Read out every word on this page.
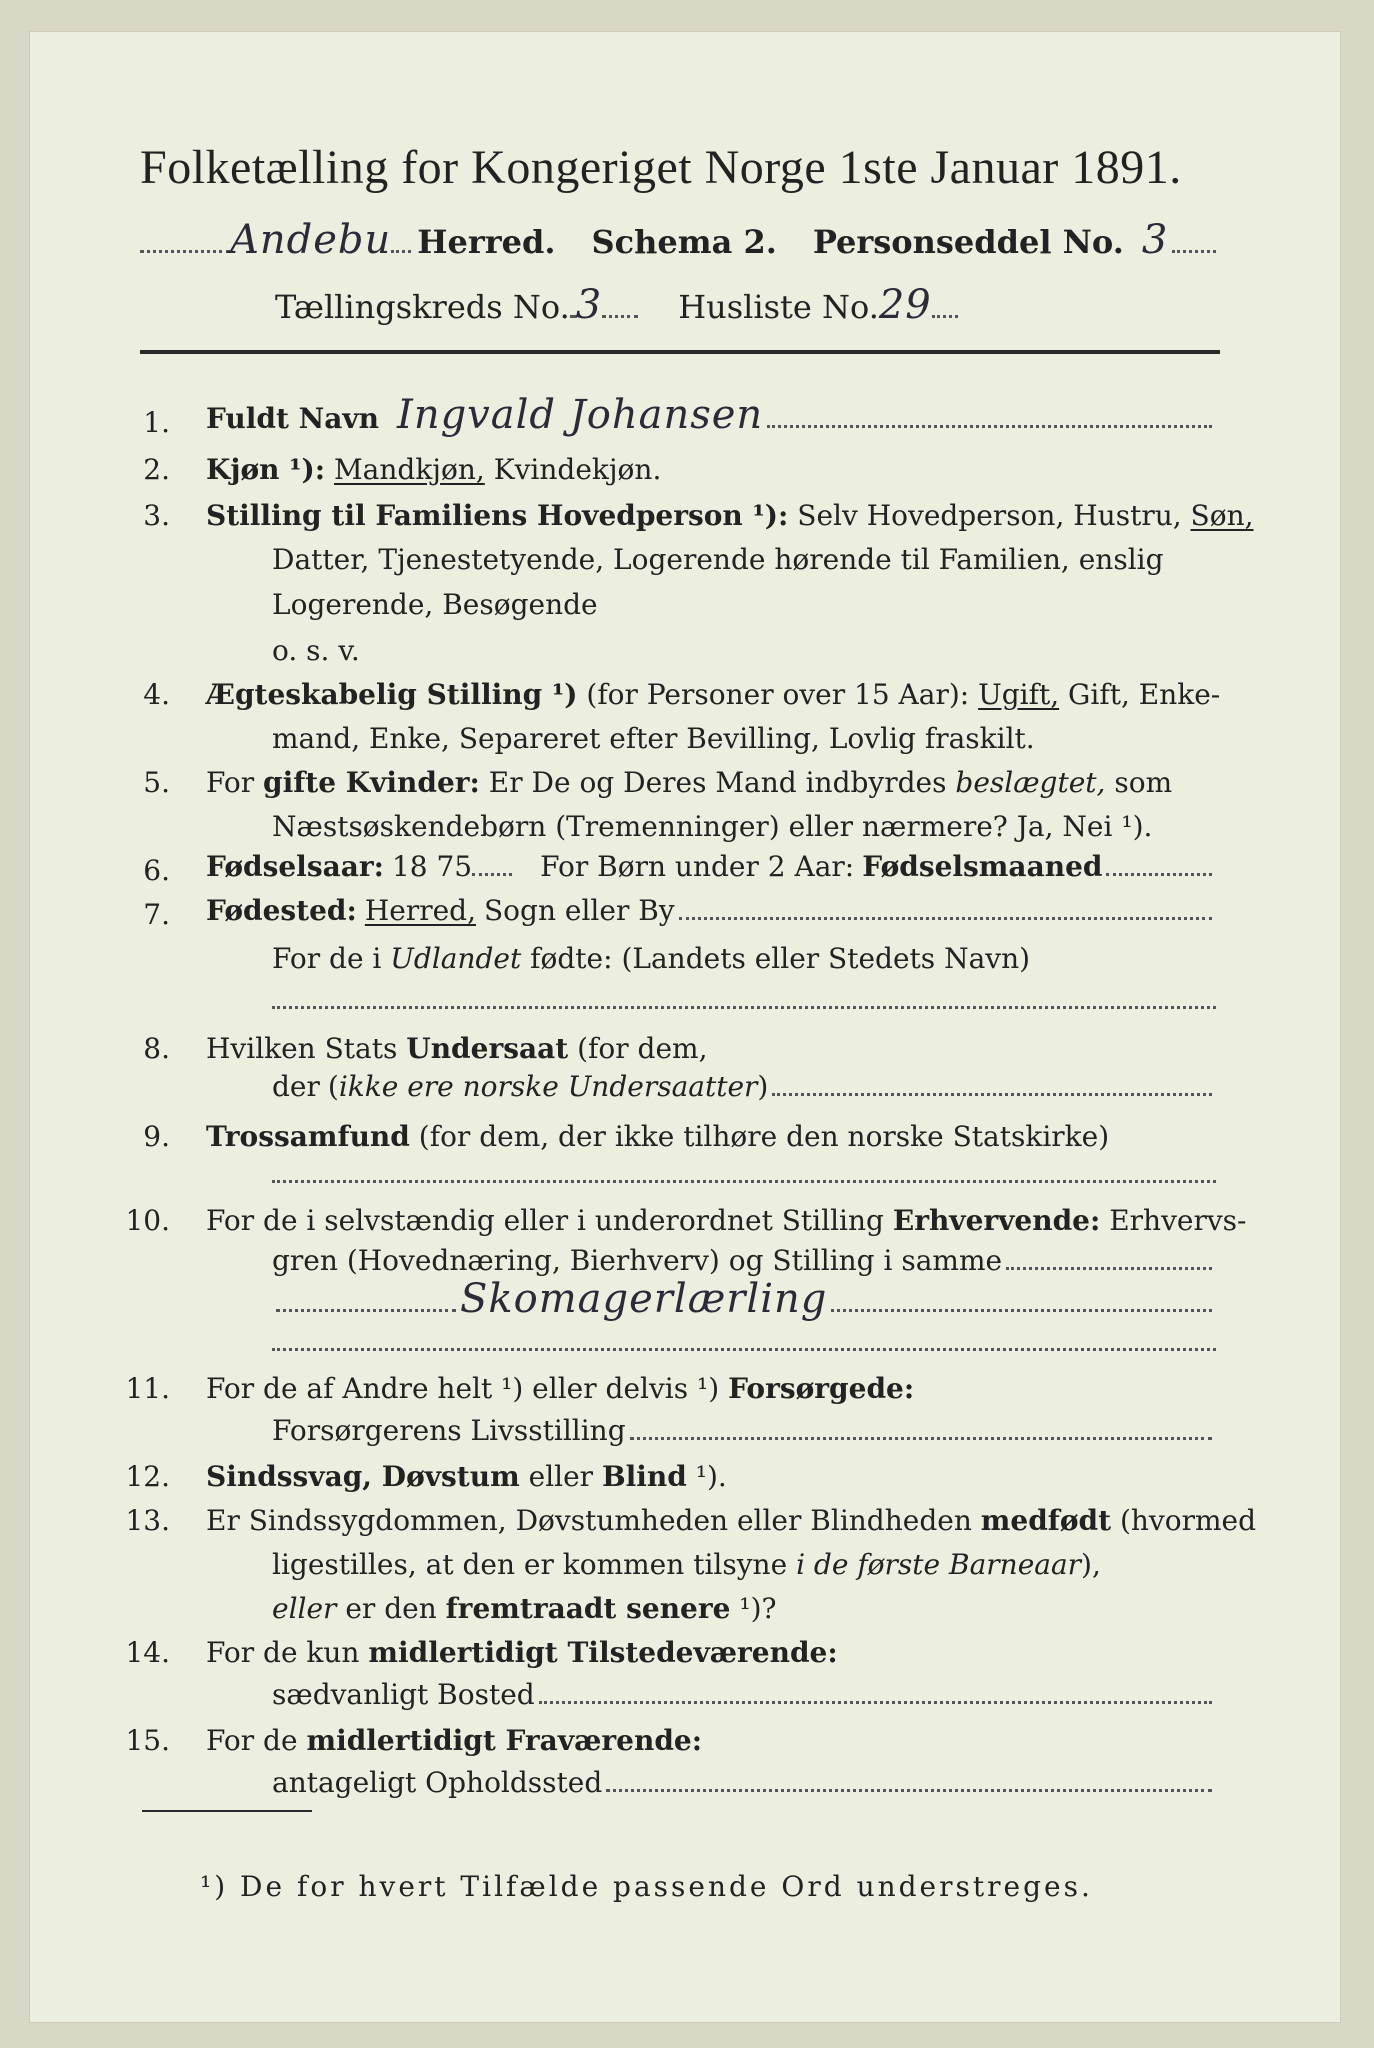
Folketælling for Kongeriget Norge 1ste Januar 1891.
Andebu Herred. Schema 2. Personseddel No. 3
Tællingskreds No. 3 Husliste No. 29
1. Fuldt Navn Ingvald Johansen
2. Kjøn ¹): Mandkjøn, Kvindekjøn.
3. Stilling til Familiens Hovedperson ¹): Selv Hovedperson, Hustru, Søn,
Datter, Tjenestetyende, Logerende hørende til Familien, enslig
Logerende, Besøgende
o. s. v.
4. Ægteskabelig Stilling ¹) (for Personer over 15 Aar): Ugift, Gift, Enke-
mand, Enke, Separeret efter Bevilling, Lovlig fraskilt.
5. For gifte Kvinder: Er De og Deres Mand indbyrdes beslægtet, som
Næstsøskendebørn (Tremenninger) eller nærmere? Ja, Nei ¹).
6. Fødselsaar: 18 75 For Børn under 2 Aar: Fødselsmaaned
7. Fødested: Herred, Sogn eller By
For de i Udlandet fødte: (Landets eller Stedets Navn)
8. Hvilken Stats Undersaat (for dem,
der ( ikke ere norske Undersaatter )
9. Trossamfund (for dem, der ikke tilhøre den norske Statskirke)
10. For de i selvstændig eller i underordnet Stilling Erhvervende: Erhvervs-
gren (Hovednæring, Bierhverv) og Stilling i samme
Skomagerlærling
11. For de af Andre helt ¹) eller delvis ¹) Forsørgede:
Forsørgerens Livsstilling
12. Sindssvag, Døvstum eller Blind ¹).
13. Er Sindssygdommen, Døvstumheden eller Blindheden medfødt (hvormed
ligestilles, at den er kommen tilsyne i de første Barneaar),
eller er den fremtraadt senere ¹)?
14. For de kun midlertidigt Tilstedeværende:
sædvanligt Bosted
15. For de midlertidigt Fraværende:
antageligt Opholdssted
¹) De for hvert Tilfælde passende Ord understreges.
